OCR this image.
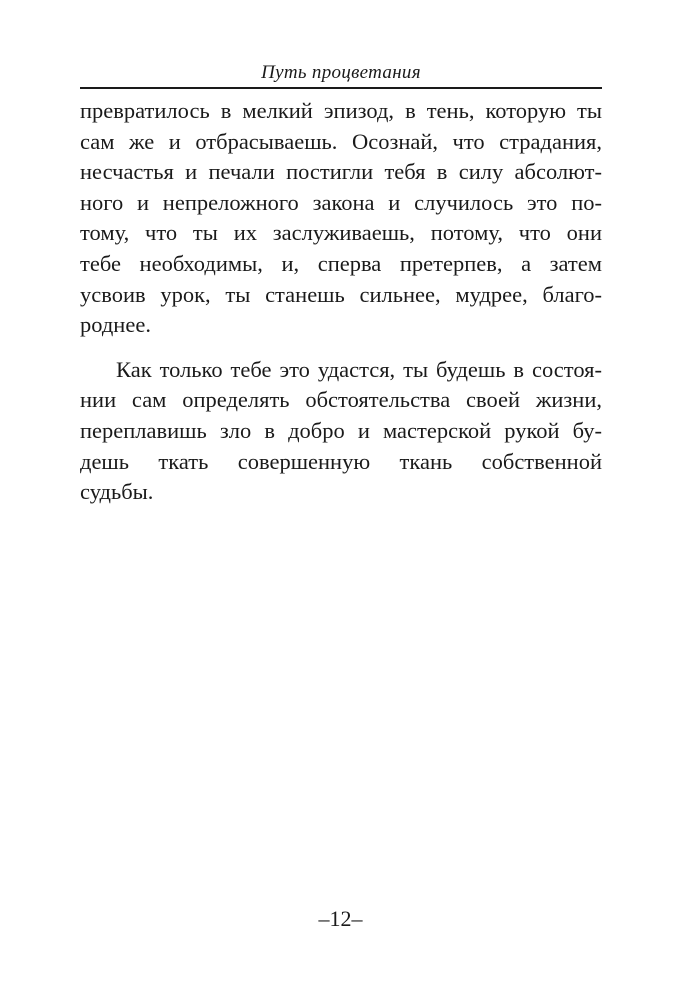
Путь процветания
превратилось в мелкий эпизод, в тень, которую ты
сам же и отбрасываешь. Осознай, что страдания,
несчастья и печали постигли тебя в силу абсолют-
ного и непреложного закона и случилось это по-
тому, что ты их заслуживаешь, потому, что они
тебе необходимы, и, сперва претерпев, а затем
усвоив урок, ты станешь сильнее, мудрее, благо-
роднее.
Как только тебе это удастся, ты будешь в состоя-
нии сам определять обстоятельства своей жизни,
переплавишь зло в добро и мастерской рукой бу-
дешь ткать совершенную ткань собственной
судьбы.
–12–
